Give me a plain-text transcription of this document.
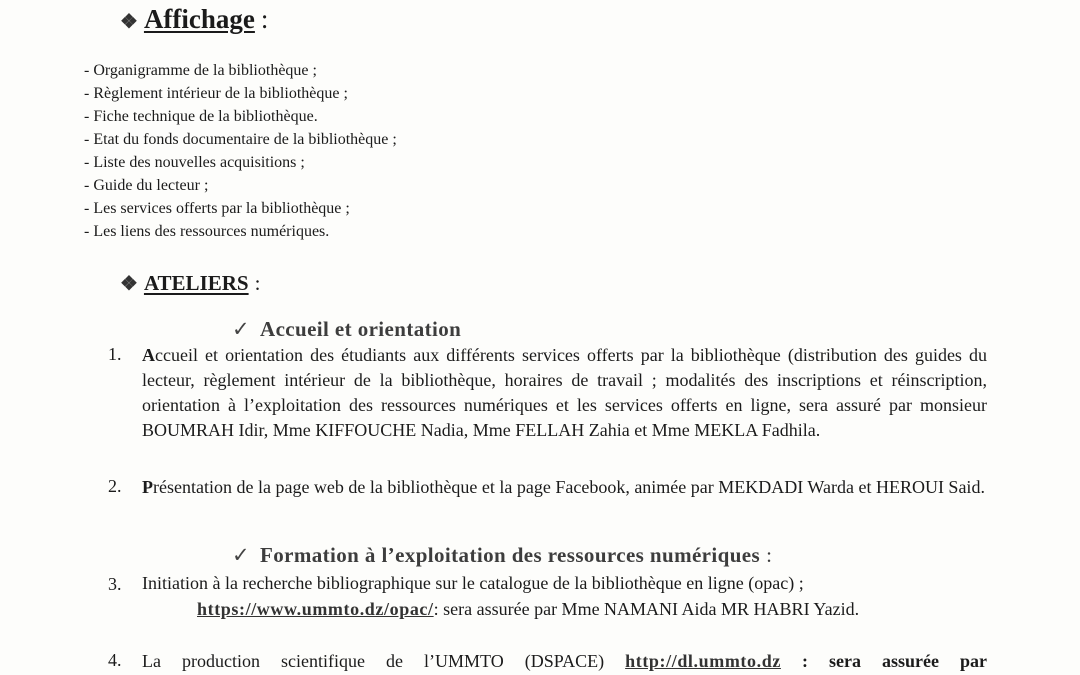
❖ Affichage :
- Organigramme de la bibliothèque ;
- Règlement intérieur de la bibliothèque ;
- Fiche technique de la bibliothèque.
- Etat du fonds documentaire de la bibliothèque ;
- Liste des nouvelles acquisitions ;
- Guide du lecteur ;
- Les services offerts par la bibliothèque ;
- Les liens des ressources numériques.
❖ ATELIERS :
✓ Accueil et orientation
1. Accueil et orientation des étudiants aux différents services offerts par la bibliothèque (distribution des guides du lecteur, règlement intérieur de la bibliothèque, horaires de travail ; modalités des inscriptions et réinscription, orientation à l’exploitation des ressources numériques et les services offerts en ligne, sera assuré par monsieur BOUMRAH Idir, Mme KIFFOUCHE Nadia, Mme FELLAH Zahia et Mme MEKLA Fadhila.
2. Présentation de la page web de la bibliothèque et la page Facebook, animée par MEKDADI Warda et HEROUI Said.
✓ Formation à l’exploitation des ressources numériques :
3. Initiation à la recherche bibliographique sur le catalogue de la bibliothèque en ligne (opac) ;
https://www.ummto.dz/opac/: sera assurée par Mme NAMANI Aida MR HABRI Yazid.
4. La production scientifique de l’UMMTO (DSPACE) http://dl.ummto.dz : sera assurée par
